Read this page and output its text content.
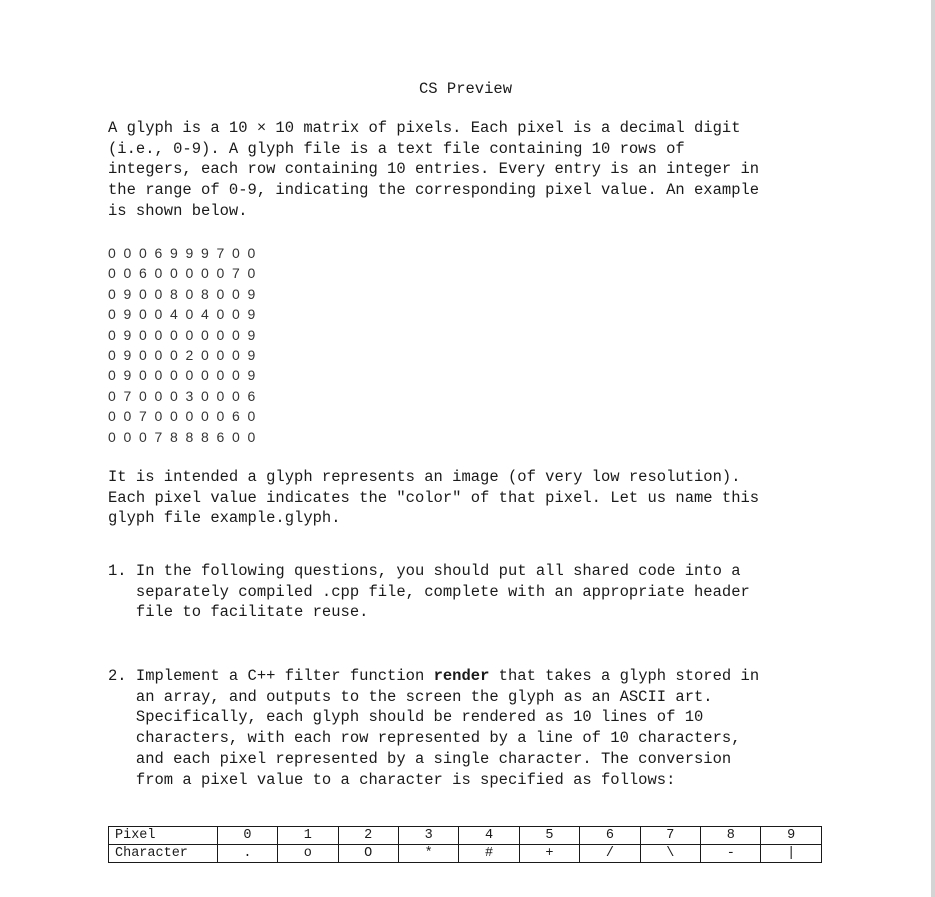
CS Preview
A glyph is a 10 × 10 matrix of pixels. Each pixel is a decimal digit
(i.e., 0-9). A glyph file is a text file containing 10 rows of
integers, each row containing 10 entries. Every entry is an integer in
the range of 0-9, indicating the corresponding pixel value. An example
is shown below.
0 0 0 6 9 9 9 7 0 0
0 0 6 0 0 0 0 0 7 0
0 9 0 0 8 0 8 0 0 9
0 9 0 0 4 0 4 0 0 9
0 9 0 0 0 0 0 0 0 9
0 9 0 0 0 2 0 0 0 9
0 9 0 0 0 0 0 0 0 9
0 7 0 0 0 3 0 0 0 6
0 0 7 0 0 0 0 0 6 0
0 0 0 7 8 8 8 6 0 0
It is intended a glyph represents an image (of very low resolution).
Each pixel value indicates the "color" of that pixel. Let us name this
glyph file example.glyph.
1. In the following questions, you should put all shared code into a
separately compiled .cpp file, complete with an appropriate header
file to facilitate reuse.
2. Implement a C++ filter function render that takes a glyph stored in
an array, and outputs to the screen the glyph as an ASCII art.
Specifically, each glyph should be rendered as 10 lines of 10
characters, with each row represented by a line of 10 characters,
and each pixel represented by a single character. The conversion
from a pixel value to a character is specified as follows:
Pixel	0	1	2	3	4	5	6	7	8	9
Character	.	o	O	*	#	+	/	\	-	|
